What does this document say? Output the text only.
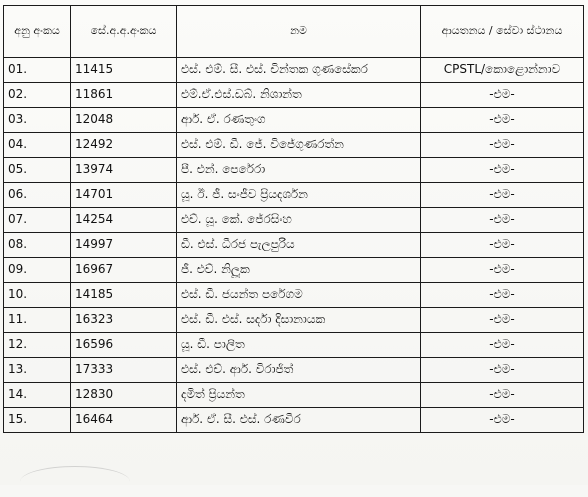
අනු අංකය	සේ.අ.අ.අංකය	නම	ආයතනය / සේවා ස්ථානය
01.	11415	එස්. එම්. සී. එස්. චින්තක ගුණසේකර	CPSTL/කොළොන්නාව
02.	11861	එම්.ඒ.එස්.ඩබ්. නිශාන්ත	-එම-
03.	12048	ආර්. ඒ. රණතුංග	-එම-
04.	12492	එස්. එම්. ඩී. ජේ. විජේගුණරත්න	-එම-
05.	13974	පී. එන්. පෙරේරා	-එම-
06.	14701	යූ. ඊ. ජී. සංජීව ප්‍රියදර්ශන	-එම-
07.	14254	එච්. යූ. කේ. ජේරසිංහ	-එම-
08.	14997	ඩී. එස්. ධීරජ පැලපුරිය	-එම-
09.	16967	ජී. එච්. නිලූක	-එම-
10.	14185	එස්. ඩී. ජයන්ත පරේගම	-එම-
11.	16323	එස්. ඩී. එස්. සර්දා දිසානායක	-එම-
12.	16596	යූ. ඩී. පාලිත	-එම-
13.	17333	එස්. එච්. ආර්. විරාජිත්	-එම-
14.	12830	දමිත් ප්‍රියන්ත	-එම-
15.	16464	ආර්. ඒ. සී. එස්. රණවීර	-එම-
